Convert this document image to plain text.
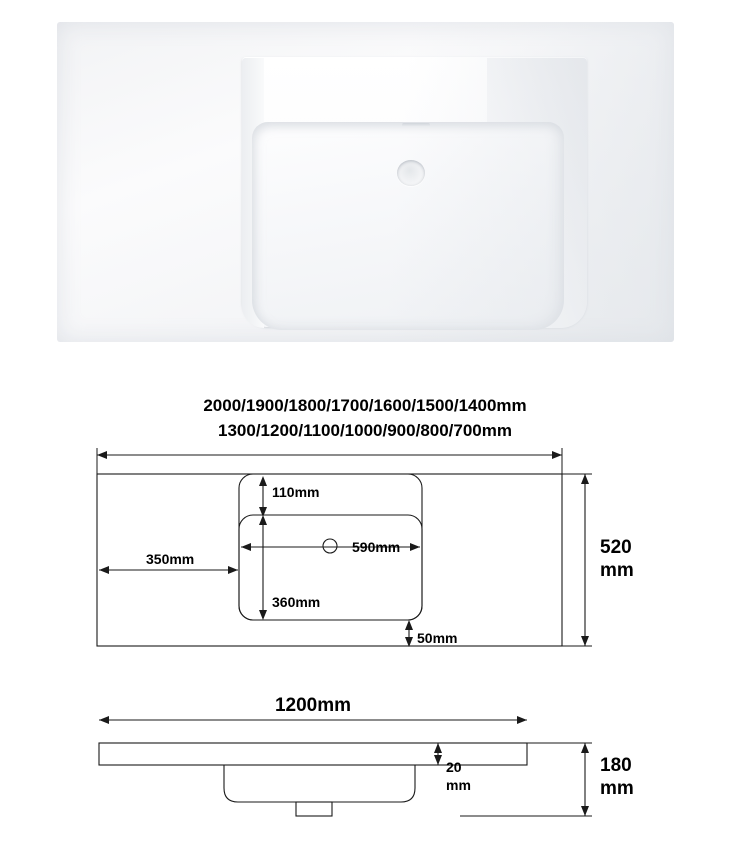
2000/1900/1800/1700/1600/1500/1400mm
1300/1200/1100/1000/900/800/700mm
110mm
590mm
360mm
350mm
50mm
520
mm
1200mm
20
mm
180
mm
